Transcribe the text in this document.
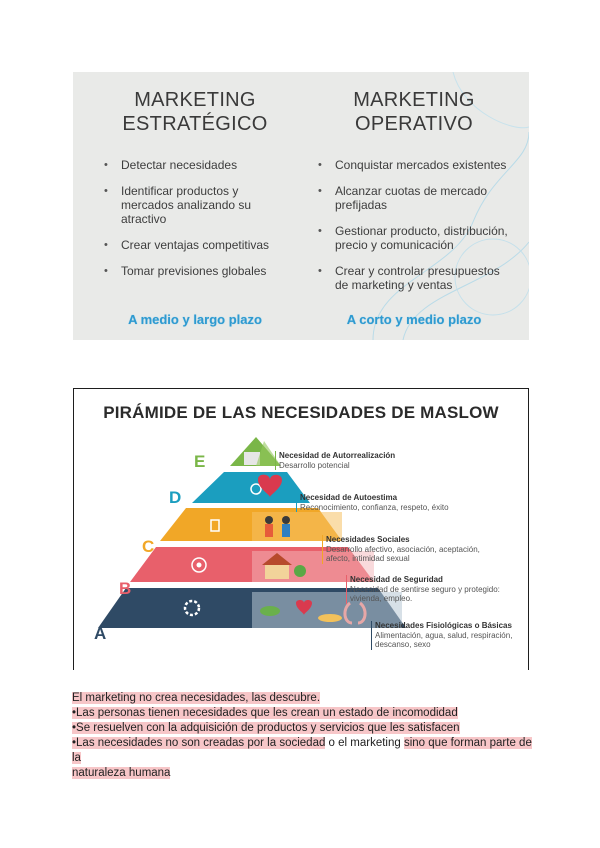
MARKETING
ESTRATÉGICO
• Detectar necesidades
• Identificar productos y
mercados analizando su
atractivo
• Crear ventajas competitivas
• Tomar previsiones globales
A medio y largo plazo
MARKETING
OPERATIVO
• Conquistar mercados existentes
• Alcanzar cuotas de mercado
prefijadas
• Gestionar producto, distribución,
precio y comunicación
• Crear y controlar presupuestos
de marketing y ventas
A corto y medio plazo
PIRÁMIDE DE LAS NECESIDADES DE MASLOW
E
D
C
B
A
Necesidad de Autorrealización
Desarrollo potencial
Necesidad de Autoestima
Reconocimiento, confianza, respeto, éxito
Necesidades Sociales
Desarrollo afectivo, asociación, aceptación,
afecto, intimidad sexual
Necesidad de Seguridad
Necesidad de sentirse seguro y protegido:
vivienda, empleo.
Necesidades Fisiológicas o Básicas
Alimentación, agua, salud, respiración,
descanso, sexo

El marketing no crea necesidades, las descubre.

•Las personas tienen necesidades que les crean un estado de incomodidad

•Se resuelven con la adquisición de productos y servicios que les satisfacen

•Las necesidades no son creadas por la sociedad o el marketing sino que forman parte de la

naturaleza humana
